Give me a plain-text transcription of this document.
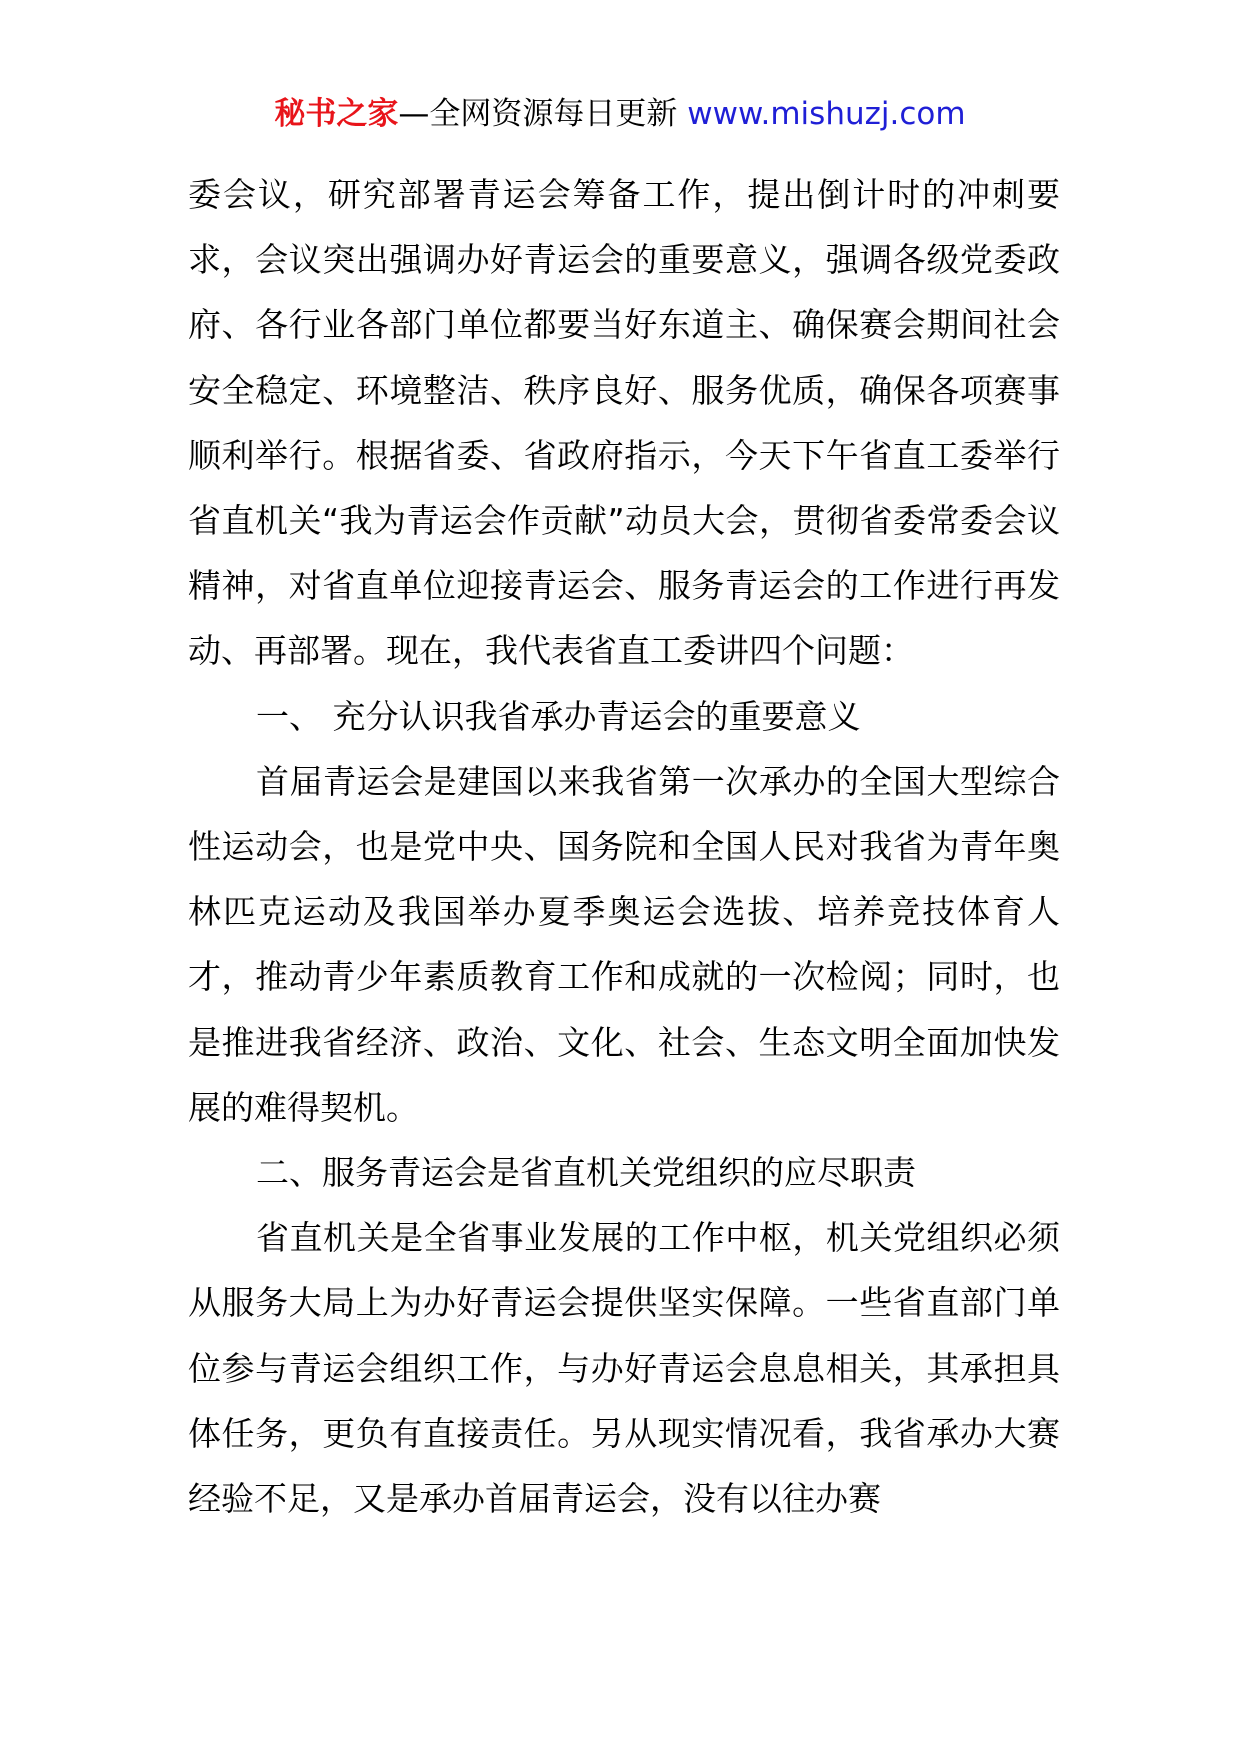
秘书之家—全网资源每日更新 www.mishuzj.com

委会议，研究部署青运会筹备工作，提出倒计时的冲刺要求，会议突出强调办好青运会的重要意义，强调各级党委政府、各行业各部门单位都要当好东道主、确保赛会期间社会安全稳定、环境整洁、秩序良好、服务优质，确保各项赛事顺利举行。根据省委、省政府指示，今天下午省直工委举行省直机关“我为青运会作贡献”动员大会，贯彻省委常委会议精神，对省直单位迎接青运会、服务青运会的工作进行再发动、再部署。现在，我代表省直工委讲四个问题：

一、 充分认识我省承办青运会的重要意义

首届青运会是建国以来我省第一次承办的全国大型综合性运动会，也是党中央、国务院和全国人民对我省为青年奥林匹克运动及我国举办夏季奥运会选拔、培养竞技体育人才，推动青少年素质教育工作和成就的一次检阅；同时，也是推进我省经济、政治、文化、社会、生态文明全面加快发展的难得契机。

二、服务青运会是省直机关党组织的应尽职责

省直机关是全省事业发展的工作中枢，机关党组织必须从服务大局上为办好青运会提供坚实保障。一些省直部门单位参与青运会组织工作，与办好青运会息息相关，其承担具体任务，更负有直接责任。另从现实情况看，我省承办大赛经验不足，又是承办首届青运会，没有以往办赛
